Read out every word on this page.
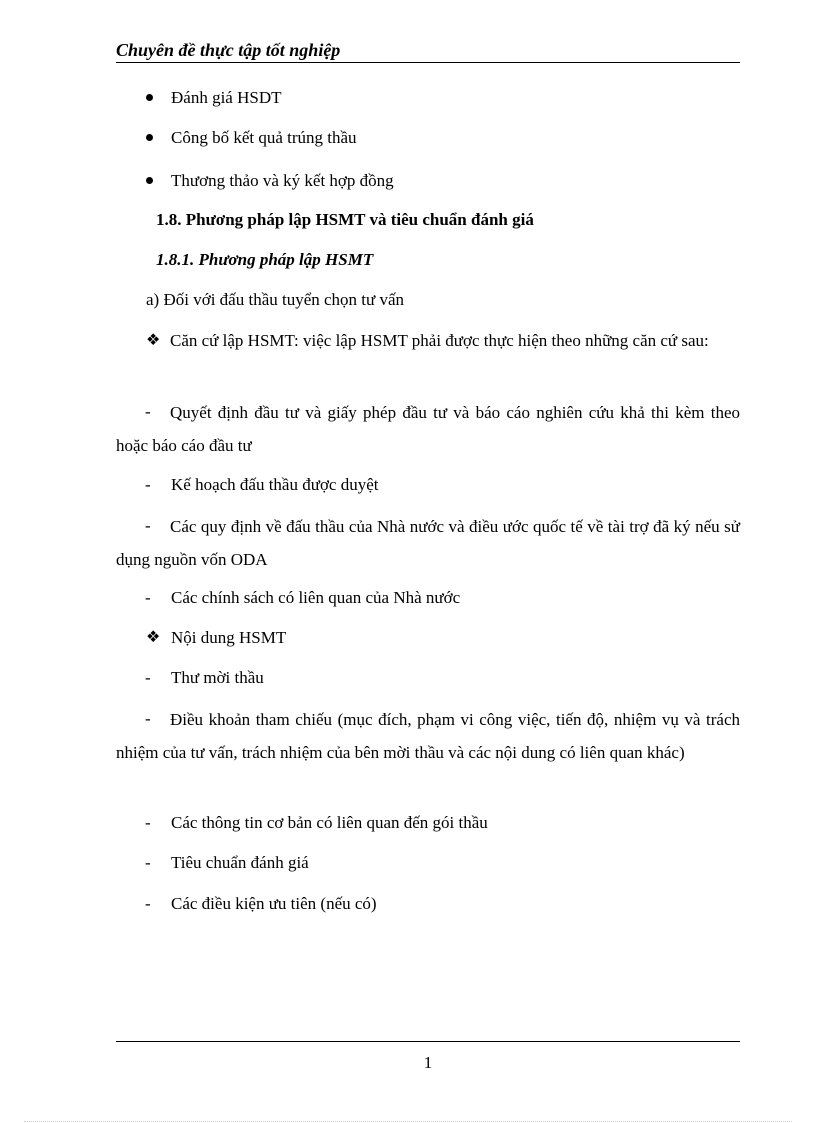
Chuyên đề thực tập tốt nghiệp
Đánh giá HSDT
Công bố kết quả trúng thầu
Thương thảo và ký kết hợp đồng
1.8. Phương pháp lập HSMT và tiêu chuẩn đánh giá
1.8.1. Phương pháp lập HSMT
a) Đối với đấu thầu tuyển chọn tư vấn
❖ Căn cứ lập HSMT: việc lập HSMT phải được thực hiện theo những căn cứ sau:
-	Quyết định đầu tư và giấy phép đầu tư và báo cáo nghiên cứu khả thi kèm theo hoặc báo cáo đầu tư
- Kế hoạch đấu thầu được duyệt
-	Các quy định về đấu thầu của Nhà nước và điều ước quốc tế về tài trợ đã ký nếu sử dụng nguồn vốn ODA
- Các chính sách có liên quan của Nhà nước
❖ Nội dung HSMT
- Thư mời thầu
-	Điều khoản tham chiếu (mục đích, phạm vi công việc, tiến độ, nhiệm vụ và trách nhiệm của tư vấn, trách nhiệm của bên mời thầu và các nội dung có liên quan khác)
- Các thông tin cơ bản có liên quan đến gói thầu
- Tiêu chuẩn đánh giá
- Các điều kiện ưu tiên (nếu có)
1
